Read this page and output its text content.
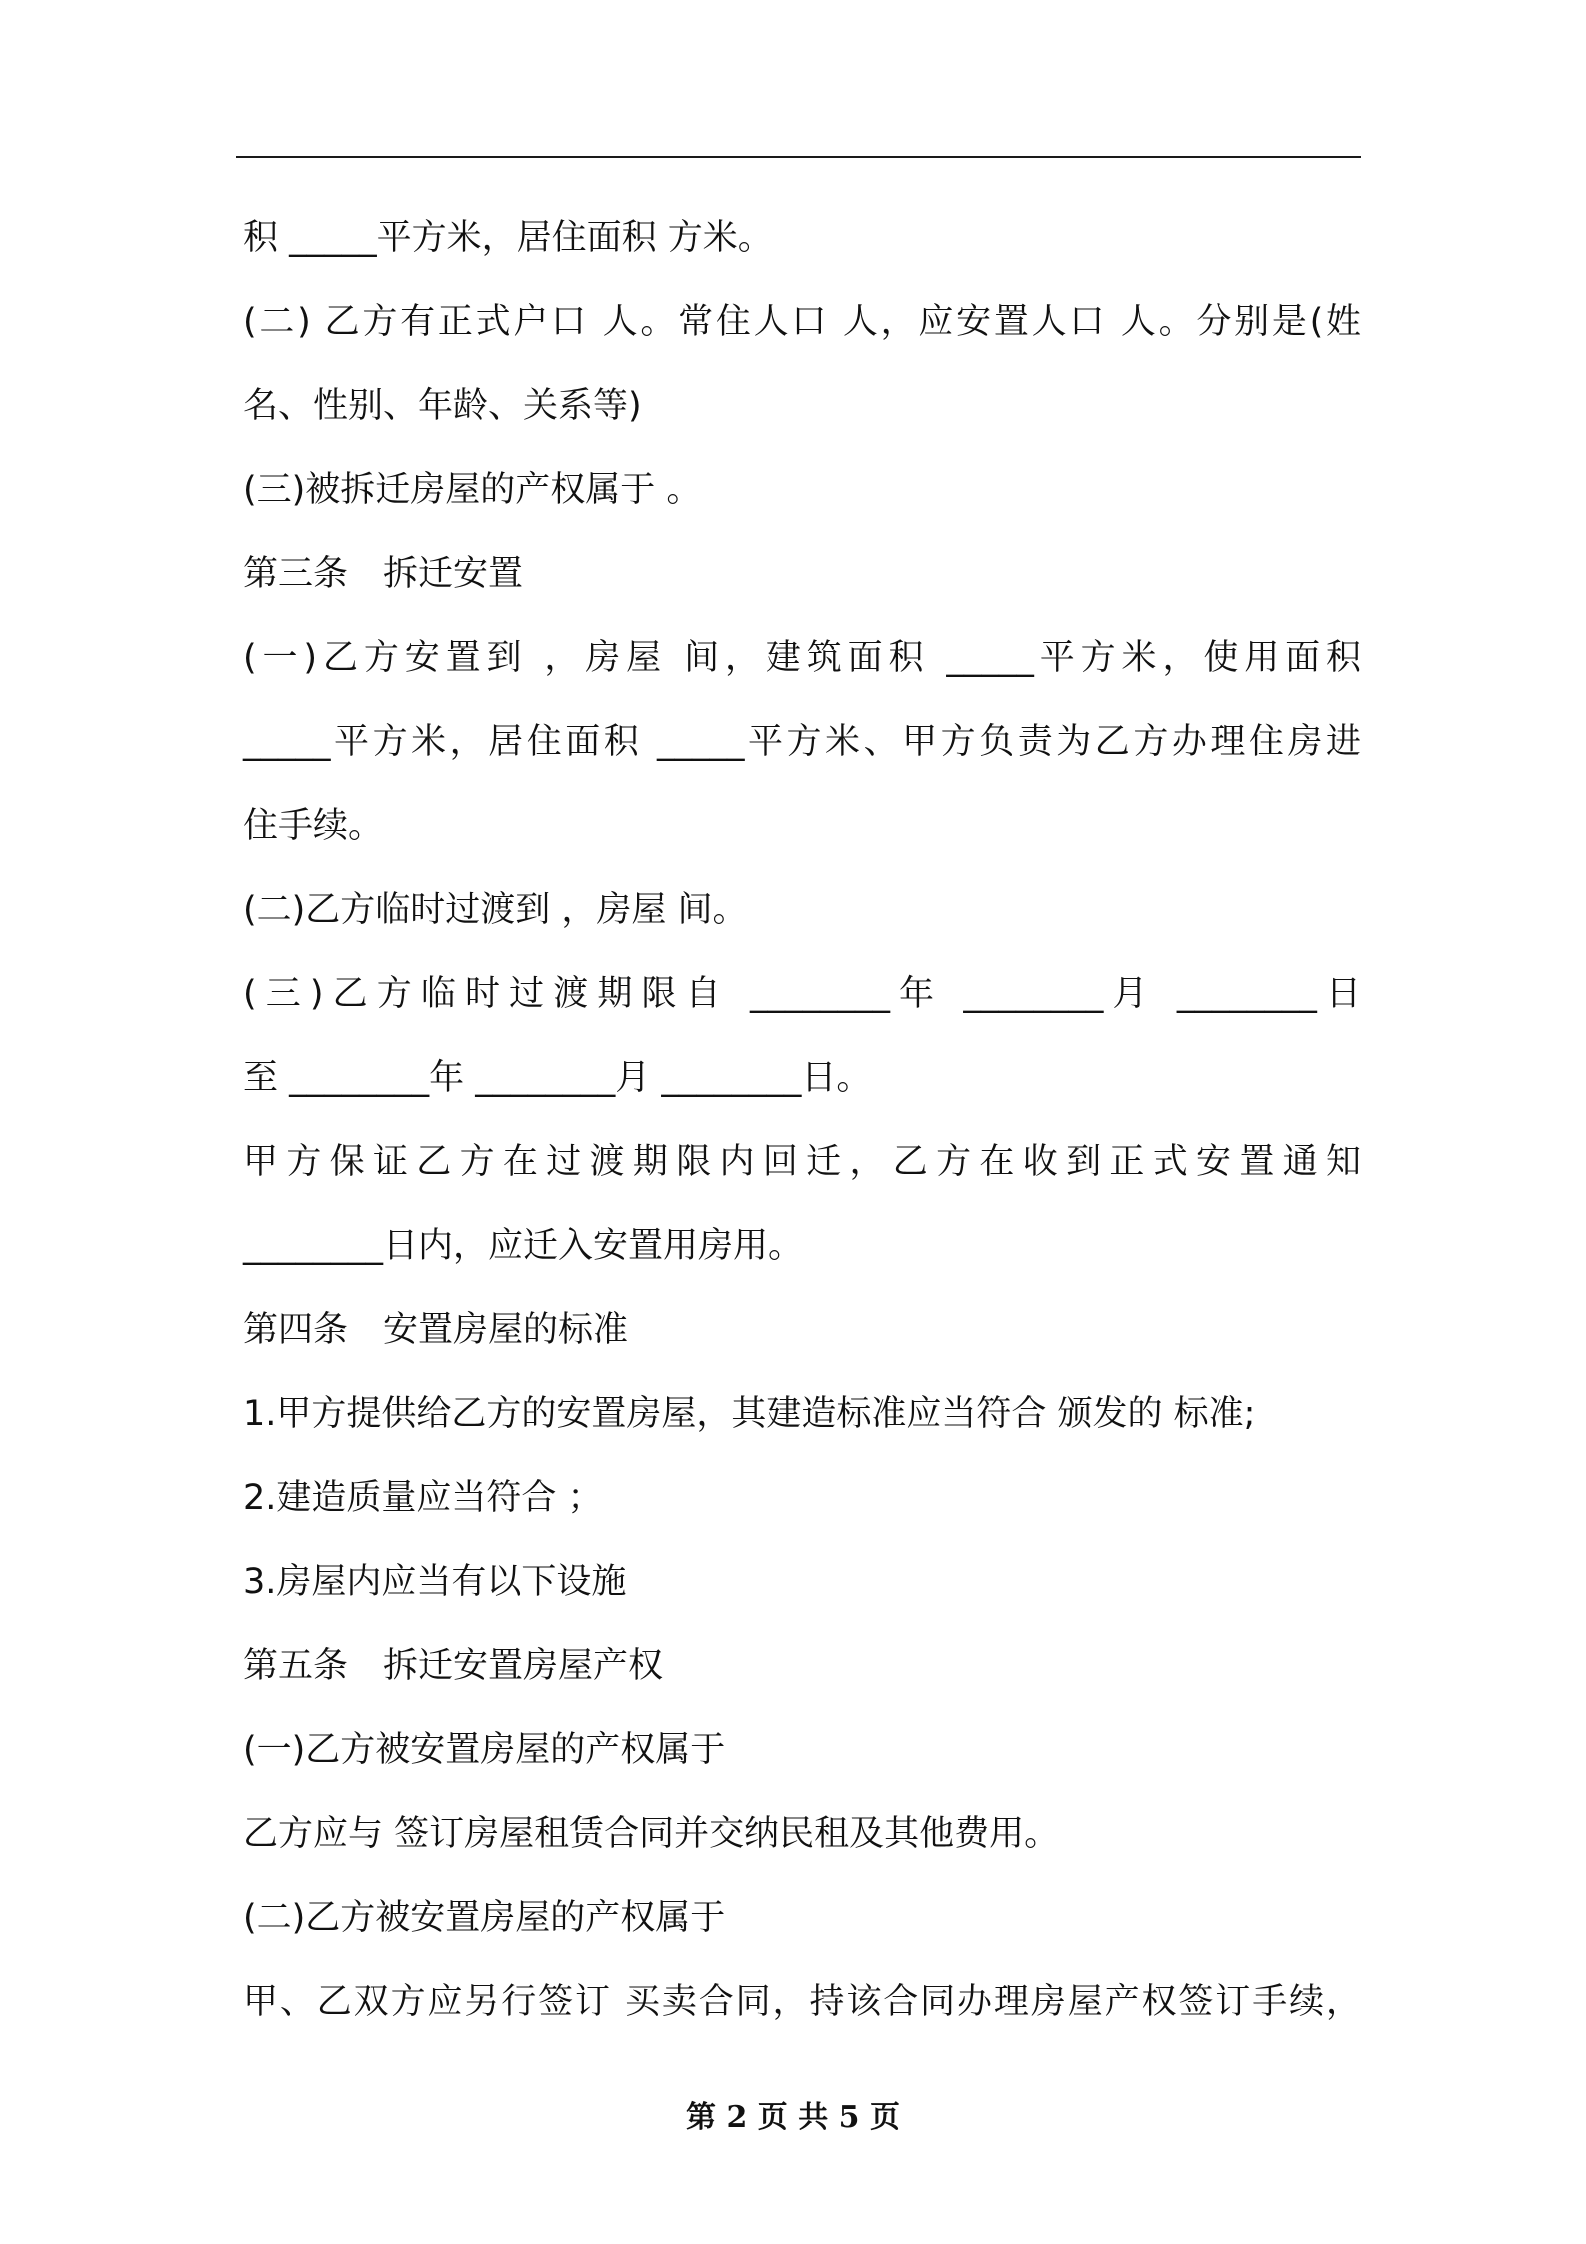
积 _____平方米，居住面积 方米。
(二) 乙方有正式户口 人。常住人口 人，应安置人口 人。分别是(姓
名、性别、年龄、关系等)
(三)被拆迁房屋的产权属于 。
第三条　拆迁安置
(一)乙方安置到 ，房屋 间，建筑面积 _____平方米，使用面积
_____平方米，居住面积 _____平方米、甲方负责为乙方办理住房进
住手续。
(二)乙方临时过渡到 ，房屋 间。
(三)乙方临时过渡期限自 ________年 ________月 ________日
至 ________年 ________月 ________日。
甲方保证乙方在过渡期限内回迁，乙方在收到正式安置通知
________日内，应迁入安置用房用。
第四条　安置房屋的标准
1.甲方提供给乙方的安置房屋，其建造标准应当符合 颁发的 标准;
2.建造质量应当符合 ；
3.房屋内应当有以下设施
第五条　拆迁安置房屋产权
(一)乙方被安置房屋的产权属于
乙方应与 签订房屋租赁合同并交纳民租及其他费用。
(二)乙方被安置房屋的产权属于
甲、乙双方应另行签订 买卖合同，持该合同办理房屋产权签订手续，
第 2 页 共 5 页
